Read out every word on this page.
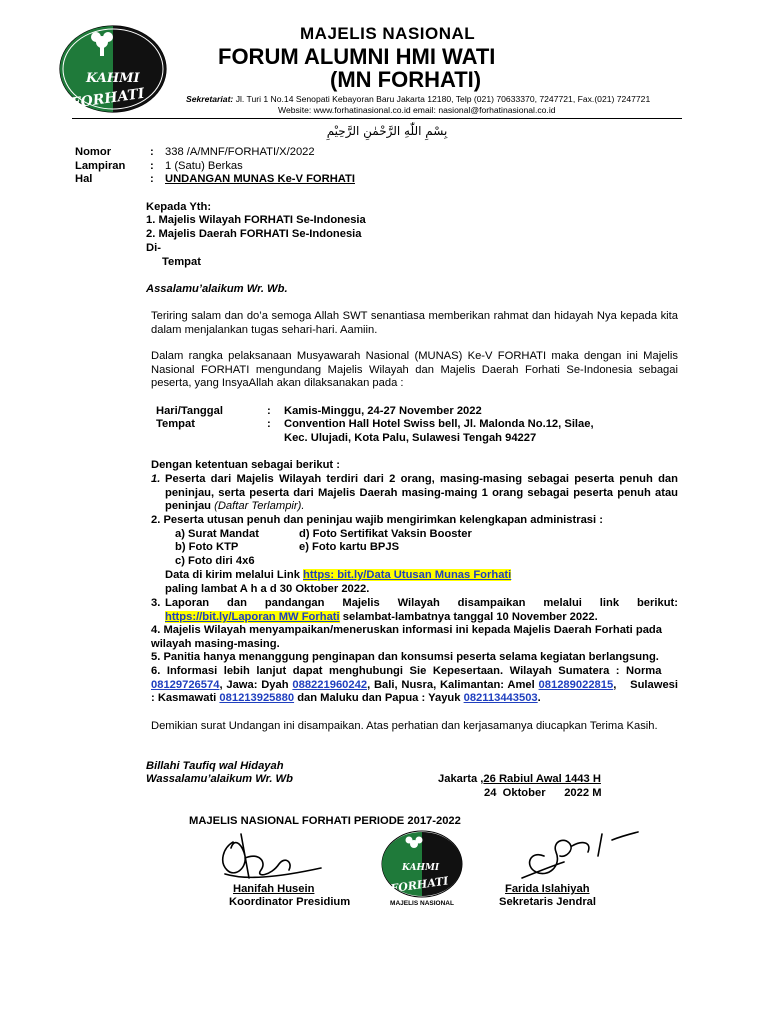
KAHMI
FORHATI
MAJELIS NASIONAL
FORUM ALUMNI HMI WATI
(MN FORHATI)
Sekretariat: Jl. Turi 1 No.14 Senopati Kebayoran Baru Jakarta 12180, Telp (021) 70633370, 7247721, Fax.(021) 7247721
Website: www.forhatinasional.co.id email: nasional@forhatinasional.co.id
بِسْمِ اللّٰهِ الرَّحْمٰنِ الرَّحِيْمِ
Nomor	: 338 /A/MNF/FORHATI/X/2022
Lampiran : 1 (Satu) Berkas
Hal	: UNDANGAN MUNAS Ke-V FORHATI
Kepada Yth:
1. Majelis Wilayah FORHATI Se-Indonesia
2. Majelis Daerah FORHATI Se-Indonesia
Di-
Tempat
Assalamu’alaikum Wr. Wb.
Teriring salam dan do’a semoga Allah SWT senantiasa memberikan rahmat dan hidayah Nya kepada kita dalam menjalankan tugas sehari-hari. Aamiin.
Dalam rangka pelaksanaan Musyawarah Nasional (MUNAS) Ke-V FORHATI maka dengan ini Majelis Nasional FORHATI mengundang Majelis Wilayah dan Majelis Daerah Forhati Se-Indonesia sebagai peserta, yang InsyaAllah akan dilaksanakan pada :
Hari/Tanggal	: Kamis-Minggu, 24-27 November 2022
Tempat	: Convention Hall Hotel Swiss bell, Jl. Malonda No.12, Silae,
Kec. Ulujadi, Kota Palu, Sulawesi Tengah 94227
Dengan ketentuan sebagai berikut :
1. Peserta dari Majelis Wilayah terdiri dari 2 orang, masing-masing sebagai peserta penuh dan peninjau, serta peserta dari Majelis Daerah masing-maing 1 orang sebagai peserta penuh atau peninjau (Daftar Terlampir).
2. Peserta utusan penuh dan peninjau wajib mengirimkan kelengkapan administrasi :
a) Surat Mandat	d) Foto Sertifikat Vaksin Booster
b) Foto KTP	e) Foto kartu BPJS
c) Foto diri 4x6
Data di kirim melalui Link https: bit.ly/Data Utusan Munas Forhati
paling lambat A h a d 30 Oktober 2022.
3. Laporan dan pandangan Majelis Wilayah disampaikan melalui link berikut:
https://bit.ly/Laporan MW Forhati selambat-lambatnya tanggal 10 November 2022.
4. Majelis Wilayah menyampaikan/meneruskan informasi ini kepada Majelis Daerah Forhati pada wilayah masing-masing.
5. Panitia hanya menanggung penginapan dan konsumsi peserta selama kegiatan berlangsung.
6. Informasi lebih lanjut dapat menghubungi Sie Kepesertaan. Wilayah Sumatera : Norma 08129726574, Jawa: Dyah 088221960242, Bali, Nusra, Kalimantan: Amel 081289022815, Sulawesi : Kasmawati 081213925880 dan Maluku dan Papua : Yayuk 082113443503.
Demikian surat Undangan ini disampaikan. Atas perhatian dan kerjasamanya diucapkan Terima Kasih.
Billahi Taufiq wal Hidayah
Wassalamu’alaikum Wr. Wb	Jakarta ,26 Rabiul Awal 1443 H
24  Oktober      2022 M
MAJELIS NASIONAL FORHATI PERIODE 2017-2022
KAHMI
FORHATI
MAJELIS NASIONAL
Hanifah Husein
Koordinator Presidium
Farida Islahiyah
Sekretaris Jendral
